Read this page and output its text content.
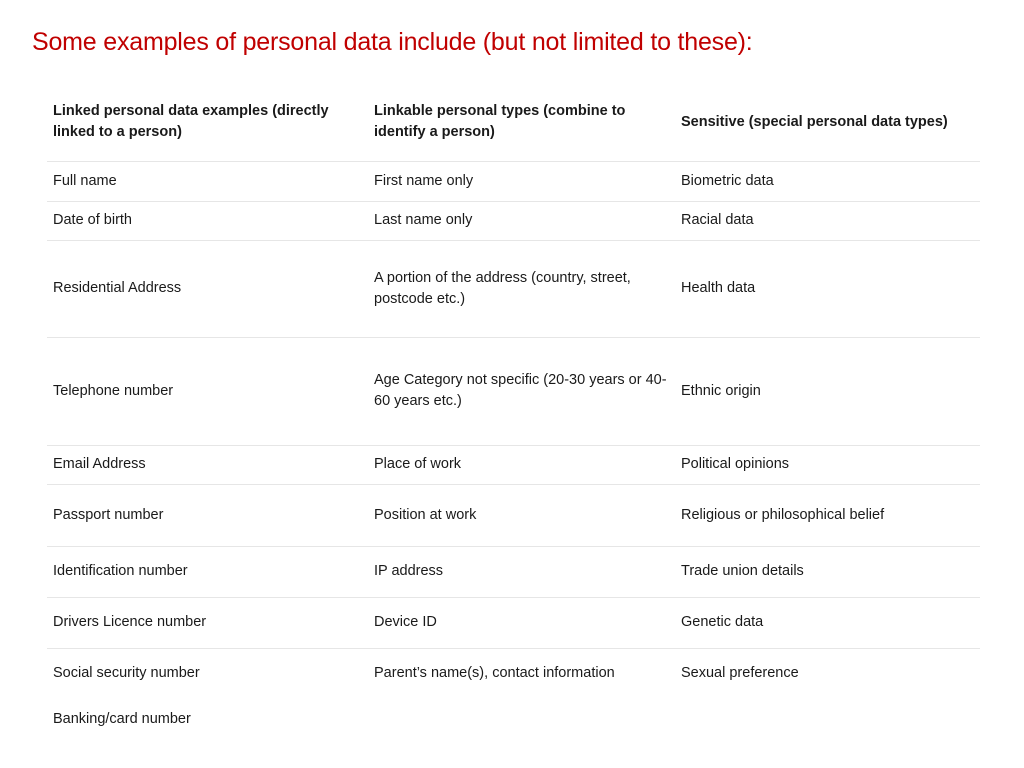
Some examples of personal data include (but not limited to these):
Linked personal data examples (directly linked to a person)	Linkable personal types (combine to identify a person)	Sensitive (special personal data types)
Full name	First name only	Biometric data
Date of birth	Last name only	Racial data
Residential Address	A portion of the address (country, street, postcode etc.)	Health data
Telephone number	Age Category not specific (20-30 years or 40-60 years etc.)	Ethnic origin
Email Address	Place of work	Political opinions
Passport number	Position at work	Religious or philosophical belief
Identification number	IP address	Trade union details
Drivers Licence number	Device ID	Genetic data
Social security number	Parent’s name(s), contact information	Sexual preference
Banking/card number		
